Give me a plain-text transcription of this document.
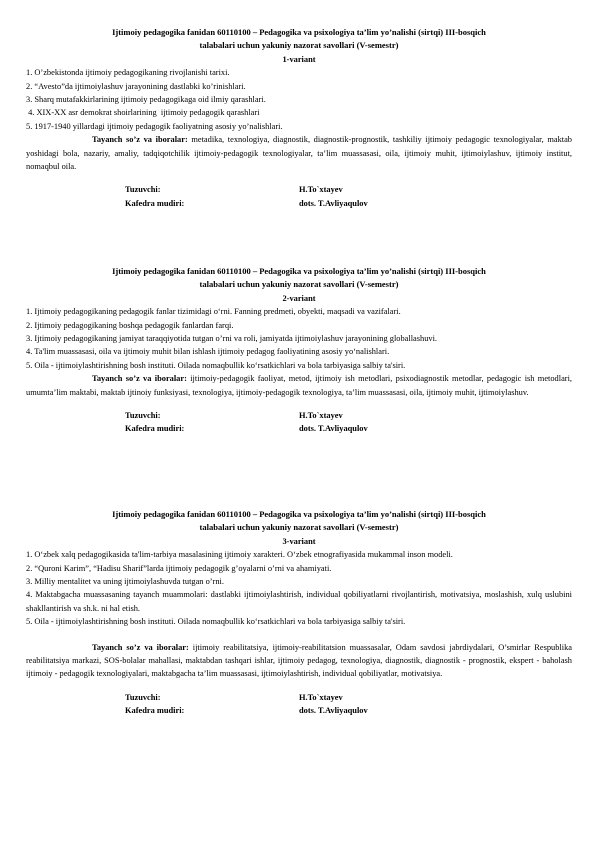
Ijtimoiy pedagogika fanidan 60110100 – Pedagogika va psixologiya ta’lim yo’nalishi (sirtqi) III-bosqich
talabalari uchun yakuniy nazorat savollari (V-semestr)
1-variant

1. O’zbekistonda ijtimoiy pedagogikaning rivojlanishi tarixi.

2. “Avesto”da ijtimoiylashuv jarayonining dastlabki ko’rinishlari.

3. Sharq mutafakkirlarining ijtimoiy pedagogikaga oid ilmiy qarashlari.

4. XIX-XX asr demokrat shoirlarining  ijtimoiy pedagogik qarashlari

5. 1917-1940 yillardagi ijtimoiy pedagogik faoliyatning asosiy yo’nalishlari.

Tayanch so’z va iboralar: metadika, texnologiya, diagnostik, diagnostik-prognostik, tashkiliy ijtimoiy pedagogic texnologiyalar, maktab yoshidagi bola, nazariy, amaliy, tadqiqotchilik ijtimoiy-pedagogik texnologiyalar, ta’lim muassasasi, oila, ijtimoiy muhit, ijtimoiylashuv, ijtimoiy institut, nomaqbul oila.

Tuzuvchi:	H.To`xtayev
Kafedra mudiri:	dots. T.Avliyaqulov
Ijtimoiy pedagogika fanidan 60110100 – Pedagogika va psixologiya ta’lim yo’nalishi (sirtqi) III-bosqich
talabalari uchun yakuniy nazorat savollari (V-semestr)
2-variant

1. Ijtimoiy pedagogikaning pedagogik fanlar tizimidagi o‘rni. Fanning predmeti, obyekti, maqsadi va vazifalari.

2. Ijtimoiy pedagogikaning boshqa pedagogik fanlardan farqi.

3. Ijtimoiy pedagogikaning jamiyat taraqqiyotida tutgan o’rni va roli, jamiyatda ijtimoiylashuv jarayonining globallashuvi.

4. Ta'lim muassasasi, oila va ijtimoiy muhit bilan ishlash ijtimoiy pedagog faoliyatining asosiy yo‘nalishlari.

5. Oila - ijtimoiylashtirishning bosh instituti. Oilada nomaqbullik ko‘rsatkichlari va bola tarbiyasiga salbiy ta'siri.

Tayanch so’z va iboralar: ijtimoiy-pedagogik faoliyat, metod, ijtimoiy ish metodlari, psixodiagnostik metodlar, pedagogic ish metodlari, umumta’lim maktabi, maktab ijtinoiy funksiyasi, texnologiya, ijtimoiy-pedagogik texnologiya, ta’lim muassasasi, oila, ijtimoiy muhit, ijtimoiylashuv.

Tuzuvchi:	H.To`xtayev
Kafedra mudiri:	dots. T.Avliyaqulov
Ijtimoiy pedagogika fanidan 60110100 – Pedagogika va psixologiya ta’lim yo’nalishi (sirtqi) III-bosqich
talabalari uchun yakuniy nazorat savollari (V-semestr)
3-variant

1. O‘zbek xalq pedagogikasida ta'lim-tarbiya masalasining ijtimoiy xarakteri. O‘zbek etnografiyasida mukammal inson modeli.

2. “Quroni Karim”, “Hadisu Sharif”larda ijtimoiy pedagogik g’oyalarni o’rni va ahamiyati.

3. Milliy mentalitet va uning ijtimoiylashuvda tutgan o’rni.

4. Maktabgacha muassasaning tayanch muammolari: dastlabki ijtimoiylashtirish, individual qobiliyatlarni rivojlantirish, motivatsiya, moslashish, xulq uslubini shakllantirish va sh.k. ni hal etish.

5. Oila - ijtimoiylashtirishning bosh instituti. Oilada nomaqbullik ko‘rsatkichlari va bola tarbiyasiga salbiy ta'siri.

Tayanch so’z va iboralar: ijtimoiy reabilitatsiya, ijtimoiy-reabilitatsion muassasalar, Odam savdosi jabrdiydalari, O’smirlar Respublika reabilitatsiya markazi, SOS-bolalar mahallasi, maktabdan tashqari ishlar, ijtimoiy pedagog, texnologiya, diagnostik, diagnostik - prognostik, ekspert - baholash ijtimoiy - pedagogik texnologiyalari, maktabgacha ta’lim muassasasi, ijtimoiylashtirish, individual qobiliyatlar, motivatsiya.

Tuzuvchi:	H.To`xtayev
Kafedra mudiri:	dots. T.Avliyaqulov
